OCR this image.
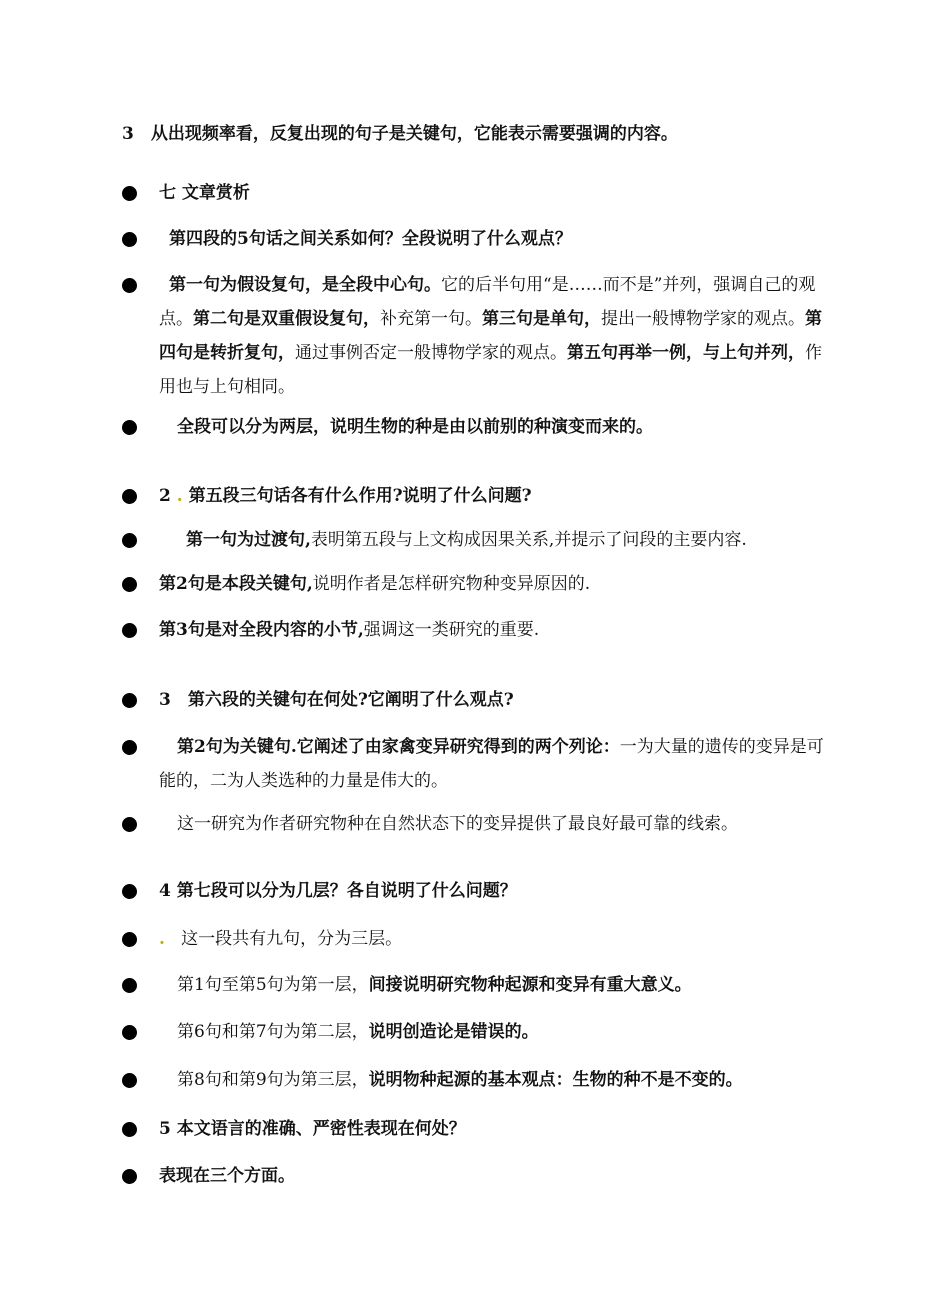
3　从出现频率看，反复出现的句子是关键句，它能表示需要强调的内容。
七 文章赏析
第四段的5句话之间关系如何？全段说明了什么观点？
第一句为假设复句，是全段中心句。它的后半句用“是……而不是”并列，强调自己的观点。第二句是双重假设复句，补充第一句。第三句是单句，提出一般博物学家的观点。第四句是转折复句，通过事例否定一般博物学家的观点。第五句再举一例，与上句并列，作用也与上句相同。
全段可以分为两层，说明生物的种是由以前别的种演变而来的。
2 . 第五段三句话各有什么作用?说明了什么问题?
第一句为过渡句,表明第五段与上文构成因果关系,并提示了问段的主要内容.
第2句是本段关键句,说明作者是怎样研究物种变异原因的.
第3句是对全段内容的小节,强调这一类研究的重要.
3　第六段的关键句在何处?它阐明了什么观点?
第2句为关键句.它阐述了由家禽变异研究得到的两个列论：一为大量的遗传的变异是可能的，二为人类选种的力量是伟大的。
这一研究为作者研究物种在自然状态下的变异提供了最良好最可靠的线索。
4 第七段可以分为几层？各自说明了什么问题？
. 这一段共有九句，分为三层。
第1句至第5句为第一层，间接说明研究物种起源和变异有重大意义。
第6句和第7句为第二层，说明创造论是错误的。
第8句和第9句为第三层，说明物种起源的基本观点：生物的种不是不变的。
5 本文语言的准确、严密性表现在何处？
表现在三个方面。
